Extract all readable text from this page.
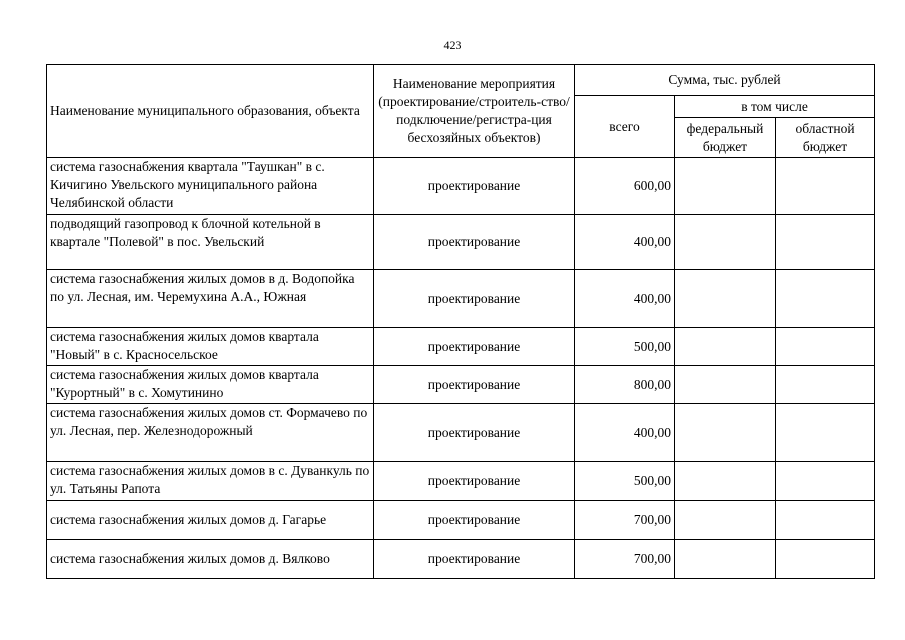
423
Наименование муниципального образования, объекта	Наименование мероприятия (проектирование/строитель-ство/подключение/регистра-ция бесхозяйных объектов)	Сумма, тыс. рублей		
		всего	в том числе	
			федеральный бюджет	областной бюджет
система газоснабжения квартала "Таушкан" в с. Кичигино Увельского муниципального района Челябинской области	проектирование	600,00		
подводящий газопровод к блочной котельной в квартале "Полевой" в пос. Увельский	проектирование	400,00		
система газоснабжения жилых домов в д. Водопойка по ул. Лесная, им. Черемухина А.А., Южная	проектирование	400,00		
система газоснабжения жилых домов квартала "Новый" в с. Красносельское	проектирование	500,00		
система газоснабжения жилых домов квартала "Курортный" в с. Хомутинино	проектирование	800,00		
система газоснабжения жилых домов ст. Формачево по ул. Лесная, пер. Железнодорожный	проектирование	400,00		
система газоснабжения жилых домов в с. Дуванкуль по ул. Татьяны Рапота	проектирование	500,00		
система газоснабжения жилых домов д. Гагарье	проектирование	700,00		
система газоснабжения жилых домов д. Вялково	проектирование	700,00		
